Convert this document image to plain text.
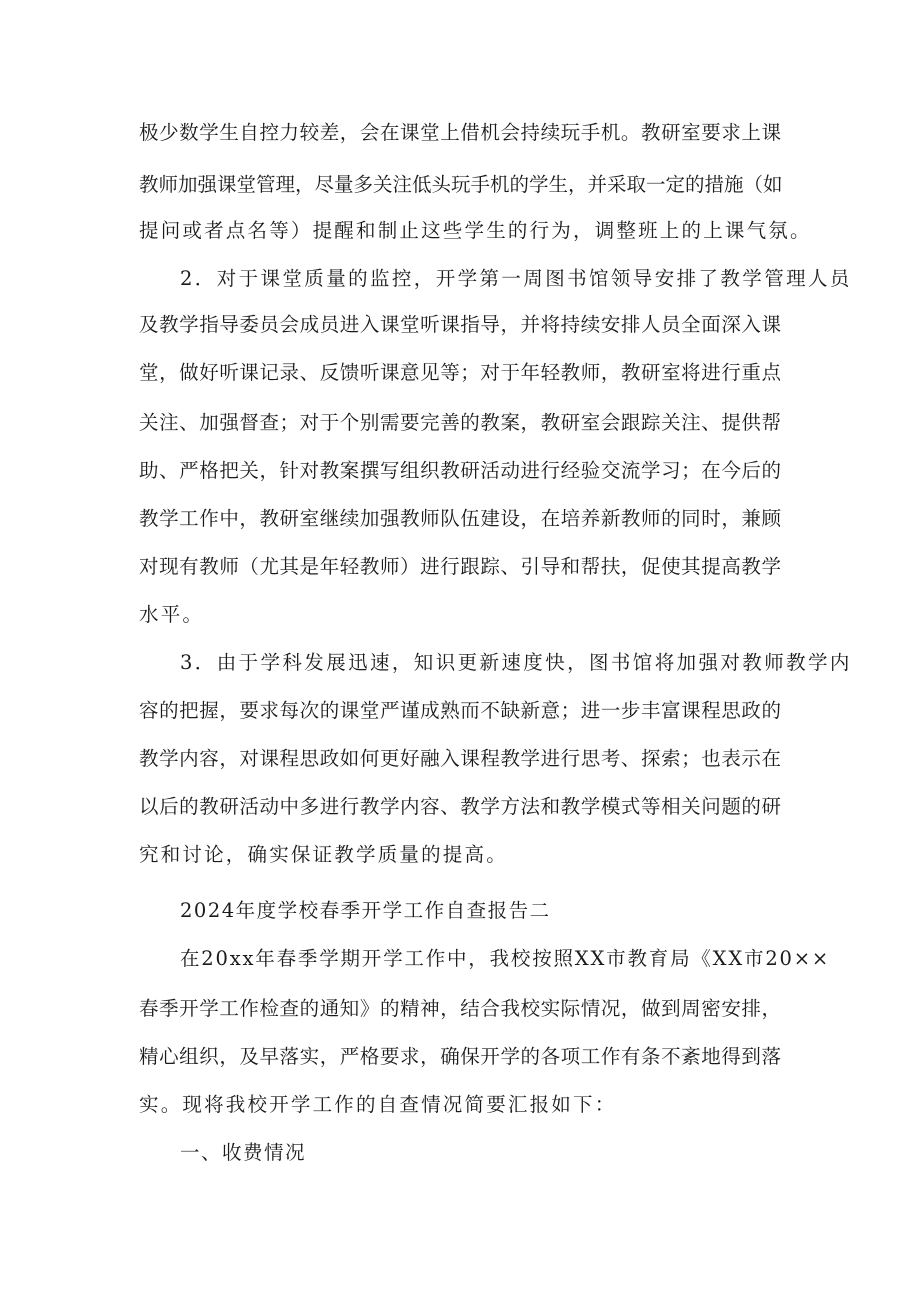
极少数学生自控力较差，会在课堂上借机会持续玩手机。教研室要求上课
教师加强课堂管理，尽量多关注低头玩手机的学生，并采取一定的措施（如
提问或者点名等）提醒和制止这些学生的行为，调整班上的上课气氛。
2．对于课堂质量的监控，开学第一周图书馆领导安排了教学管理人员
及教学指导委员会成员进入课堂听课指导，并将持续安排人员全面深入课
堂，做好听课记录、反馈听课意见等；对于年轻教师，教研室将进行重点
关注、加强督查；对于个别需要完善的教案，教研室会跟踪关注、提供帮
助、严格把关，针对教案撰写组织教研活动进行经验交流学习；在今后的
教学工作中，教研室继续加强教师队伍建设，在培养新教师的同时，兼顾
对现有教师（尤其是年轻教师）进行跟踪、引导和帮扶，促使其提高教学
水平。
3．由于学科发展迅速，知识更新速度快，图书馆将加强对教师教学内
容的把握，要求每次的课堂严谨成熟而不缺新意；进一步丰富课程思政的
教学内容，对课程思政如何更好融入课程教学进行思考、探索；也表示在
以后的教研活动中多进行教学内容、教学方法和教学模式等相关问题的研
究和讨论，确实保证教学质量的提高。
2024年度学校春季开学工作自查报告二
在20xx年春季学期开学工作中，我校按照XX市教育局《XX市20××
春季开学工作检查的通知》的精神，结合我校实际情况，做到周密安排，
精心组织，及早落实，严格要求，确保开学的各项工作有条不紊地得到落
实。现将我校开学工作的自查情况简要汇报如下：
一、收费情况
